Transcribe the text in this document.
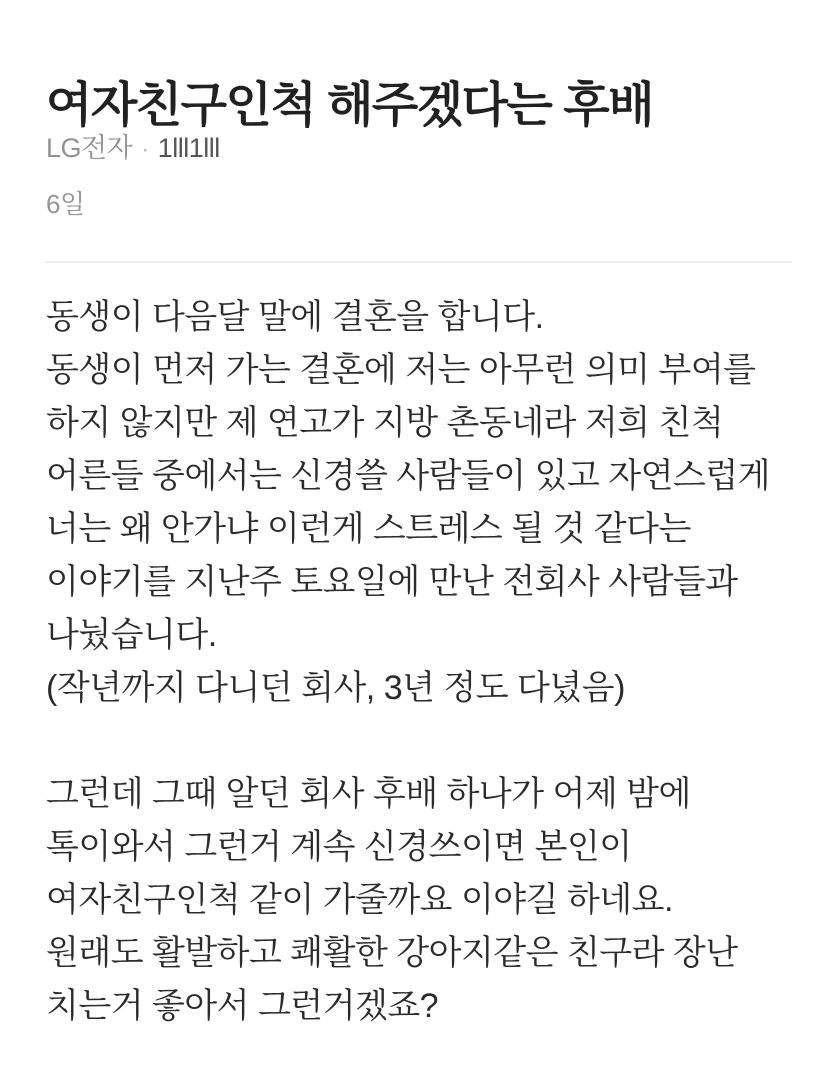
여자친구인척 해주겠다는 후배
LG전자 · 1lll1lll
6일
동생이 다음달 말에 결혼을 합니다.
동생이 먼저 가는 결혼에 저는 아무런 의미 부여를
하지 않지만 제 연고가 지방 촌동네라 저희 친척
어른들 중에서는 신경쓸 사람들이 있고 자연스럽게
너는 왜 안가냐 이런게 스트레스 될 것 같다는
이야기를 지난주 토요일에 만난 전회사 사람들과
나눴습니다.
(작년까지 다니던 회사, 3년 정도 다녔음)
그런데 그때 알던 회사 후배 하나가 어제 밤에
톡이와서 그런거 계속 신경쓰이면 본인이
여자친구인척 같이 가줄까요 이야길 하네요.
원래도 활발하고 쾌활한 강아지같은 친구라 장난
치는거 좋아서 그런거겠죠?
